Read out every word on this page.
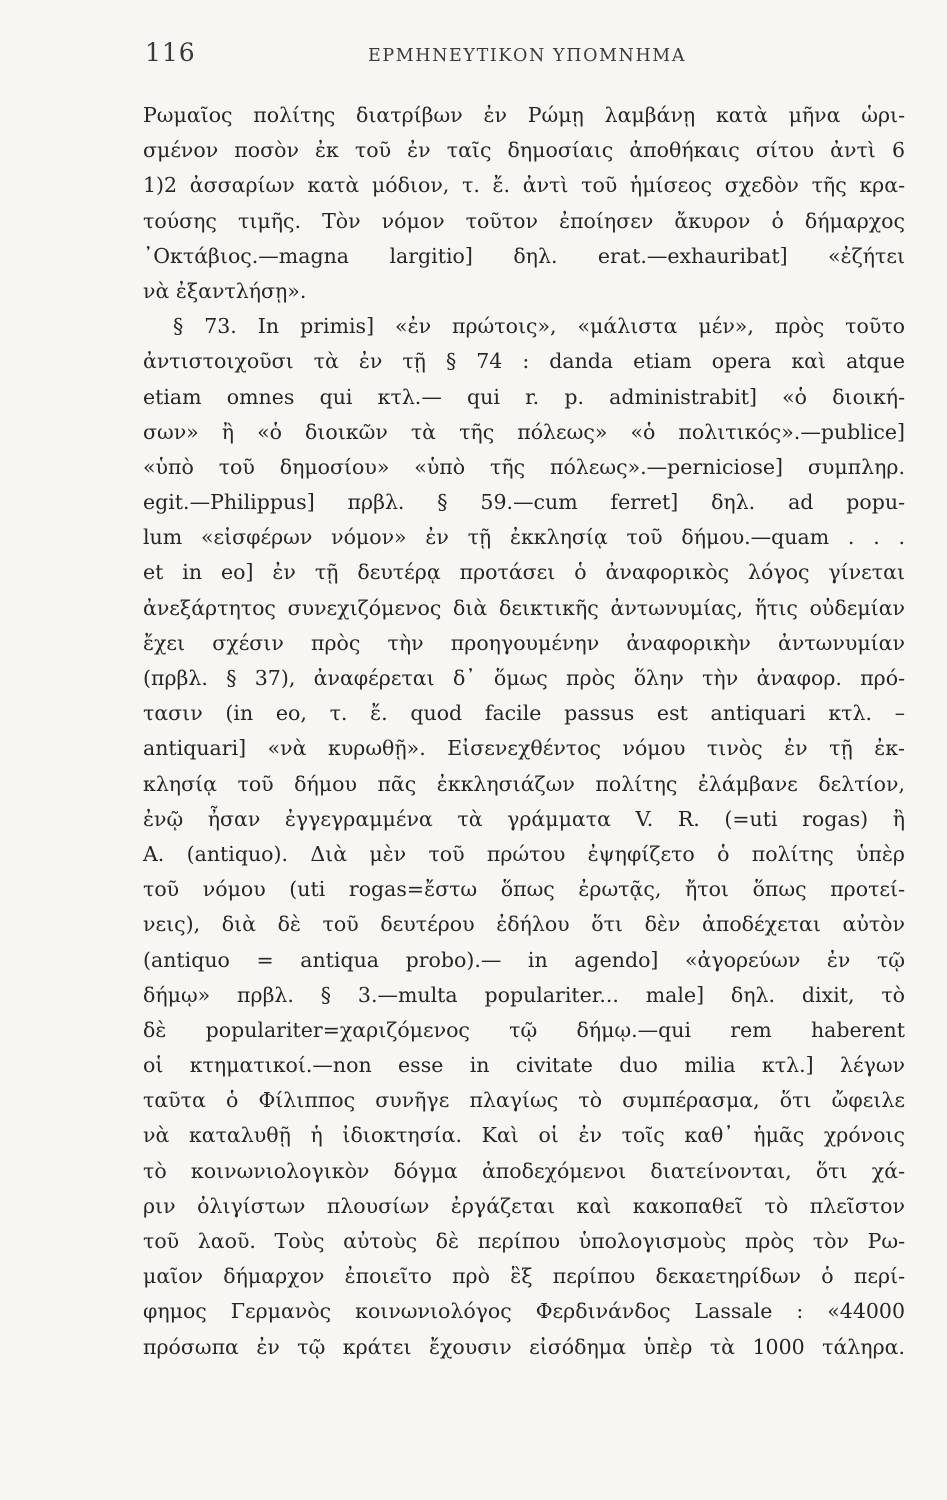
116	ΕΡΜΗΝΕΥΤΙΚΟΝ ΥΠΟΜΝΗΜΑ
Ρωμαῖος πολίτης διατρίβων ἐν Ρώμῃ λαμβάνῃ κατὰ μῆνα ὡρι-
σμένον ποσὸν ἐκ τοῦ ἐν ταῖς δημοσίαις ἀποθήκαις σίτου ἀντὶ 6
1)2 ἀσσαρίων κατὰ μόδιον, τ. ἔ. ἀντὶ τοῦ ἡμίσεος σχεδὸν τῆς κρα-
τούσης τιμῆς. Τὸν νόμον τοῦτον ἐποίησεν ἄκυρον ὁ δήμαρχος
᾿Οκτάβιος.—magna largitio] δηλ. erat.—exhauribat] «ἐζήτει
νὰ ἐξαντλήσῃ».
§ 73. In primis] «ἐν πρώτοις», «μάλιστα μέν», πρὸς τοῦτο
ἀντιστοιχοῦσι τὰ ἐν τῇ § 74 : danda etiam opera καὶ atque
etiam omnes qui κτλ.— qui r. p. administrabit] «ὁ διοική-
σων» ἢ «ὁ διοικῶν τὰ τῆς πόλεως» «ὁ πολιτικός».—publice]
«ὑπὸ τοῦ δημοσίου» «ὑπὸ τῆς πόλεως».—perniciose] συμπληρ.
egit.—Philippus] πρβλ. § 59.—cum ferret] δηλ. ad popu-
lum «εἰσφέρων νόμον» ἐν τῇ ἐκκλησίᾳ τοῦ δήμου.—quam . . .
et in eo] ἐν τῇ δευτέρᾳ προτάσει ὁ ἀναφορικὸς λόγος γίνεται
ἀνεξάρτητος συνεχιζόμενος διὰ δεικτικῆς ἀντωνυμίας, ἥτις οὐδεμίαν
ἔχει σχέσιν πρὸς τὴν προηγουμένην ἀναφορικὴν ἀντωνυμίαν
(πρβλ. § 37), ἀναφέρεται δ᾿ ὅμως πρὸς ὅλην τὴν ἀναφορ. πρό-
τασιν (in eo, τ. ἔ. quod facile passus est antiquari κτλ. –
antiquari] «νὰ κυρωθῇ». Εἰσενεχθέντος νόμου τινὸς ἐν τῇ ἐκ-
κλησίᾳ τοῦ δήμου πᾶς ἐκκλησιάζων πολίτης ἐλάμβανε δελτίον,
ἐνῷ ἦσαν ἐγγεγραμμένα τὰ γράμματα V. R. (=uti rogas) ἢ
A. (antiquo). Διὰ μὲν τοῦ πρώτου ἐψηφίζετο ὁ πολίτης ὑπὲρ
τοῦ νόμου (uti rogas=ἔστω ὅπως ἐρωτᾷς, ἤτοι ὅπως προτεί-
νεις), διὰ δὲ τοῦ δευτέρου ἐδήλου ὅτι δὲν ἀποδέχεται αὐτὸν
(antiquo = antiqua probo).— in agendo] «ἀγορεύων ἐν τῷ
δήμῳ» πρβλ. § 3.—multa populariter... male] δηλ. dixit, τὸ
δὲ populariter=χαριζόμενος τῷ δήμῳ.—qui rem haberent
οἱ κτηματικοί.—non esse in civitate duo milia κτλ.] λέγων
ταῦτα ὁ Φίλιππος συνῆγε πλαγίως τὸ συμπέρασμα, ὅτι ὤφειλε
νὰ καταλυθῇ ἡ ἰδιοκτησία. Καὶ οἱ ἐν τοῖς καθ᾿ ἡμᾶς χρόνοις
τὸ κοινωνιολογικὸν δόγμα ἀποδεχόμενοι διατείνονται, ὅτι χά-
ριν ὀλιγίστων πλουσίων ἐργάζεται καὶ κακοπαθεῖ τὸ πλεῖστον
τοῦ λαοῦ. Τοὺς αὐτοὺς δὲ περίπου ὑπολογισμοὺς πρὸς τὸν Ρω-
μαῖον δήμαρχον ἐποιεῖτο πρὸ ἓξ περίπου δεκαετηρίδων ὁ περί-
φημος Γερμανὸς κοινωνιολόγος Φερδινάνδος Lassale : «44000
πρόσωπα ἐν τῷ κράτει ἔχουσιν εἰσόδημα ὑπὲρ τὰ 1000 τάληρα.
